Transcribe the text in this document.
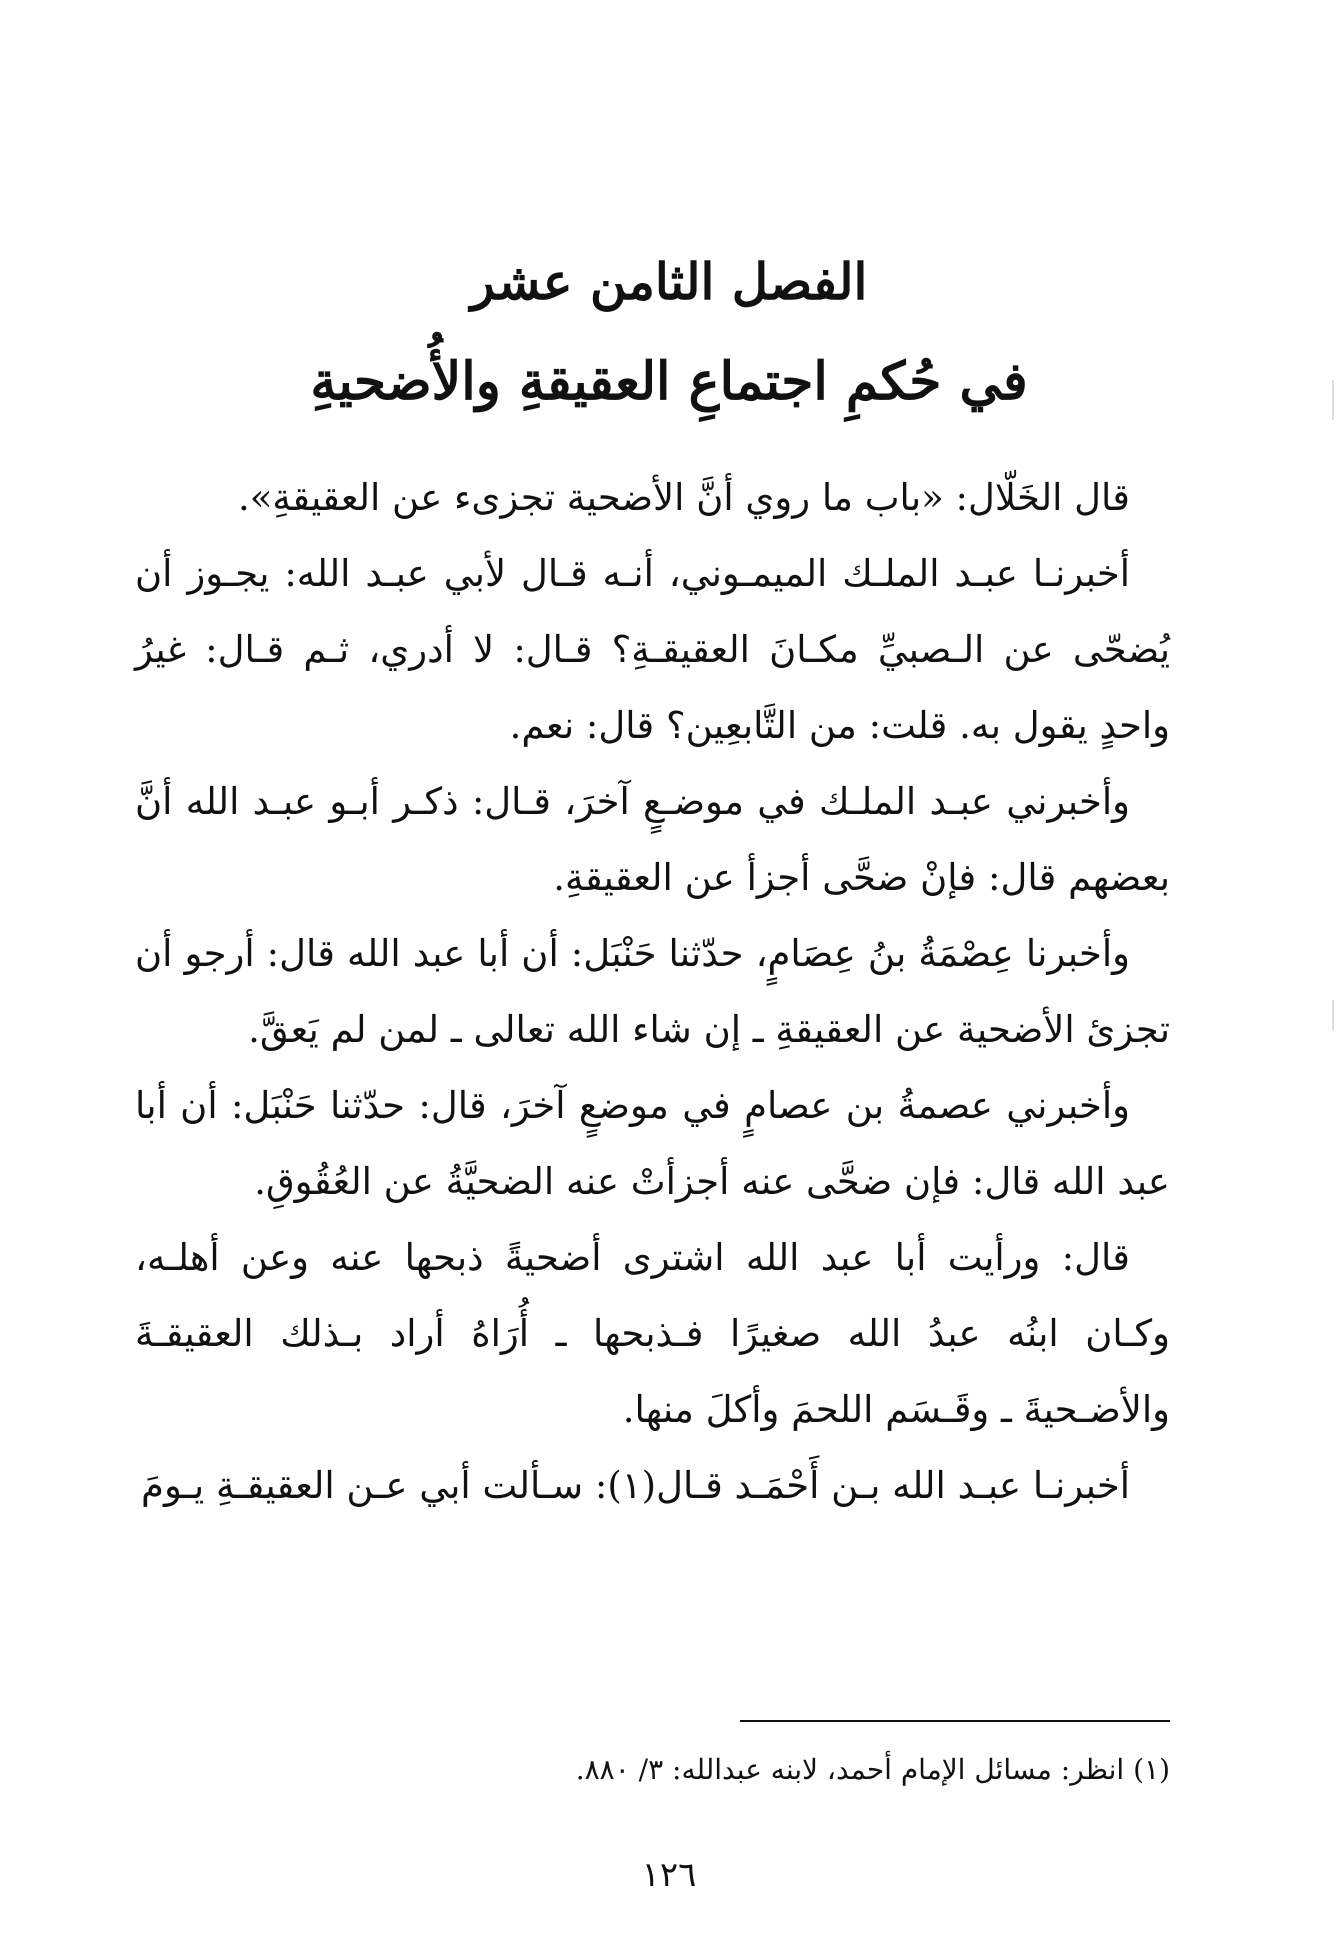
الفصل الثامن عشر

في حُكمِ اجتماعِ العقيقةِ والأُضحيةِ

قال الخَلّال: «باب ما روي أنَّ الأضحية تجزىء عن العقيقةِ».

أخبرنـا عبـد الملـك الميمـوني، أنـه قـال لأبي عبـد الله: يجـوز أن يُضحّى عن الـصبيِّ مكـانَ العقيقـةِ؟ قـال: لا أدري، ثـم قـال: غيرُ واحدٍ يقول به. قلت: من التَّابعِين؟ قال: نعم.

وأخبرني عبـد الملـك في موضـعٍ آخرَ، قـال: ذكـر أبـو عبـد الله أنَّ بعضهم قال: فإنْ ضحَّى أجزأ عن العقيقةِ.

وأخبرنا عِصْمَةُ بنُ عِصَامٍ، حدّثنا حَنْبَل: أن أبا عبد الله قال: أرجو أن تجزئ الأضحية عن العقيقةِ ـ إن شاء الله تعالى ـ لمن لم يَعقَّ.

وأخبرني عصمةُ بن عصامٍ في موضعٍ آخرَ، قال: حدّثنا حَنْبَل: أن أبا عبد الله قال: فإن ضحَّى عنه أجزأتْ عنه الضحيَّةُ عن العُقُوقِ.

قال: ورأيت أبا عبد الله اشترى أضحيةً ذبحها عنه وعن أهلـه، وكـان ابنُه عبدُ الله صغيرًا فـذبحها ـ أُرَاهُ أراد بـذلك العقيقـةَ والأضـحيةَ ـ وقَـسَم اللحمَ وأكلَ منها.

أخبرنـا عبـد الله بـن أَحْمَـد قـال(١): سـألت أبي عـن العقيقـةِ يـومَ

(١) انظر: مسائل الإمام أحمد، لابنه عبدالله: ٣/ ٨٨٠.
١٢٦
